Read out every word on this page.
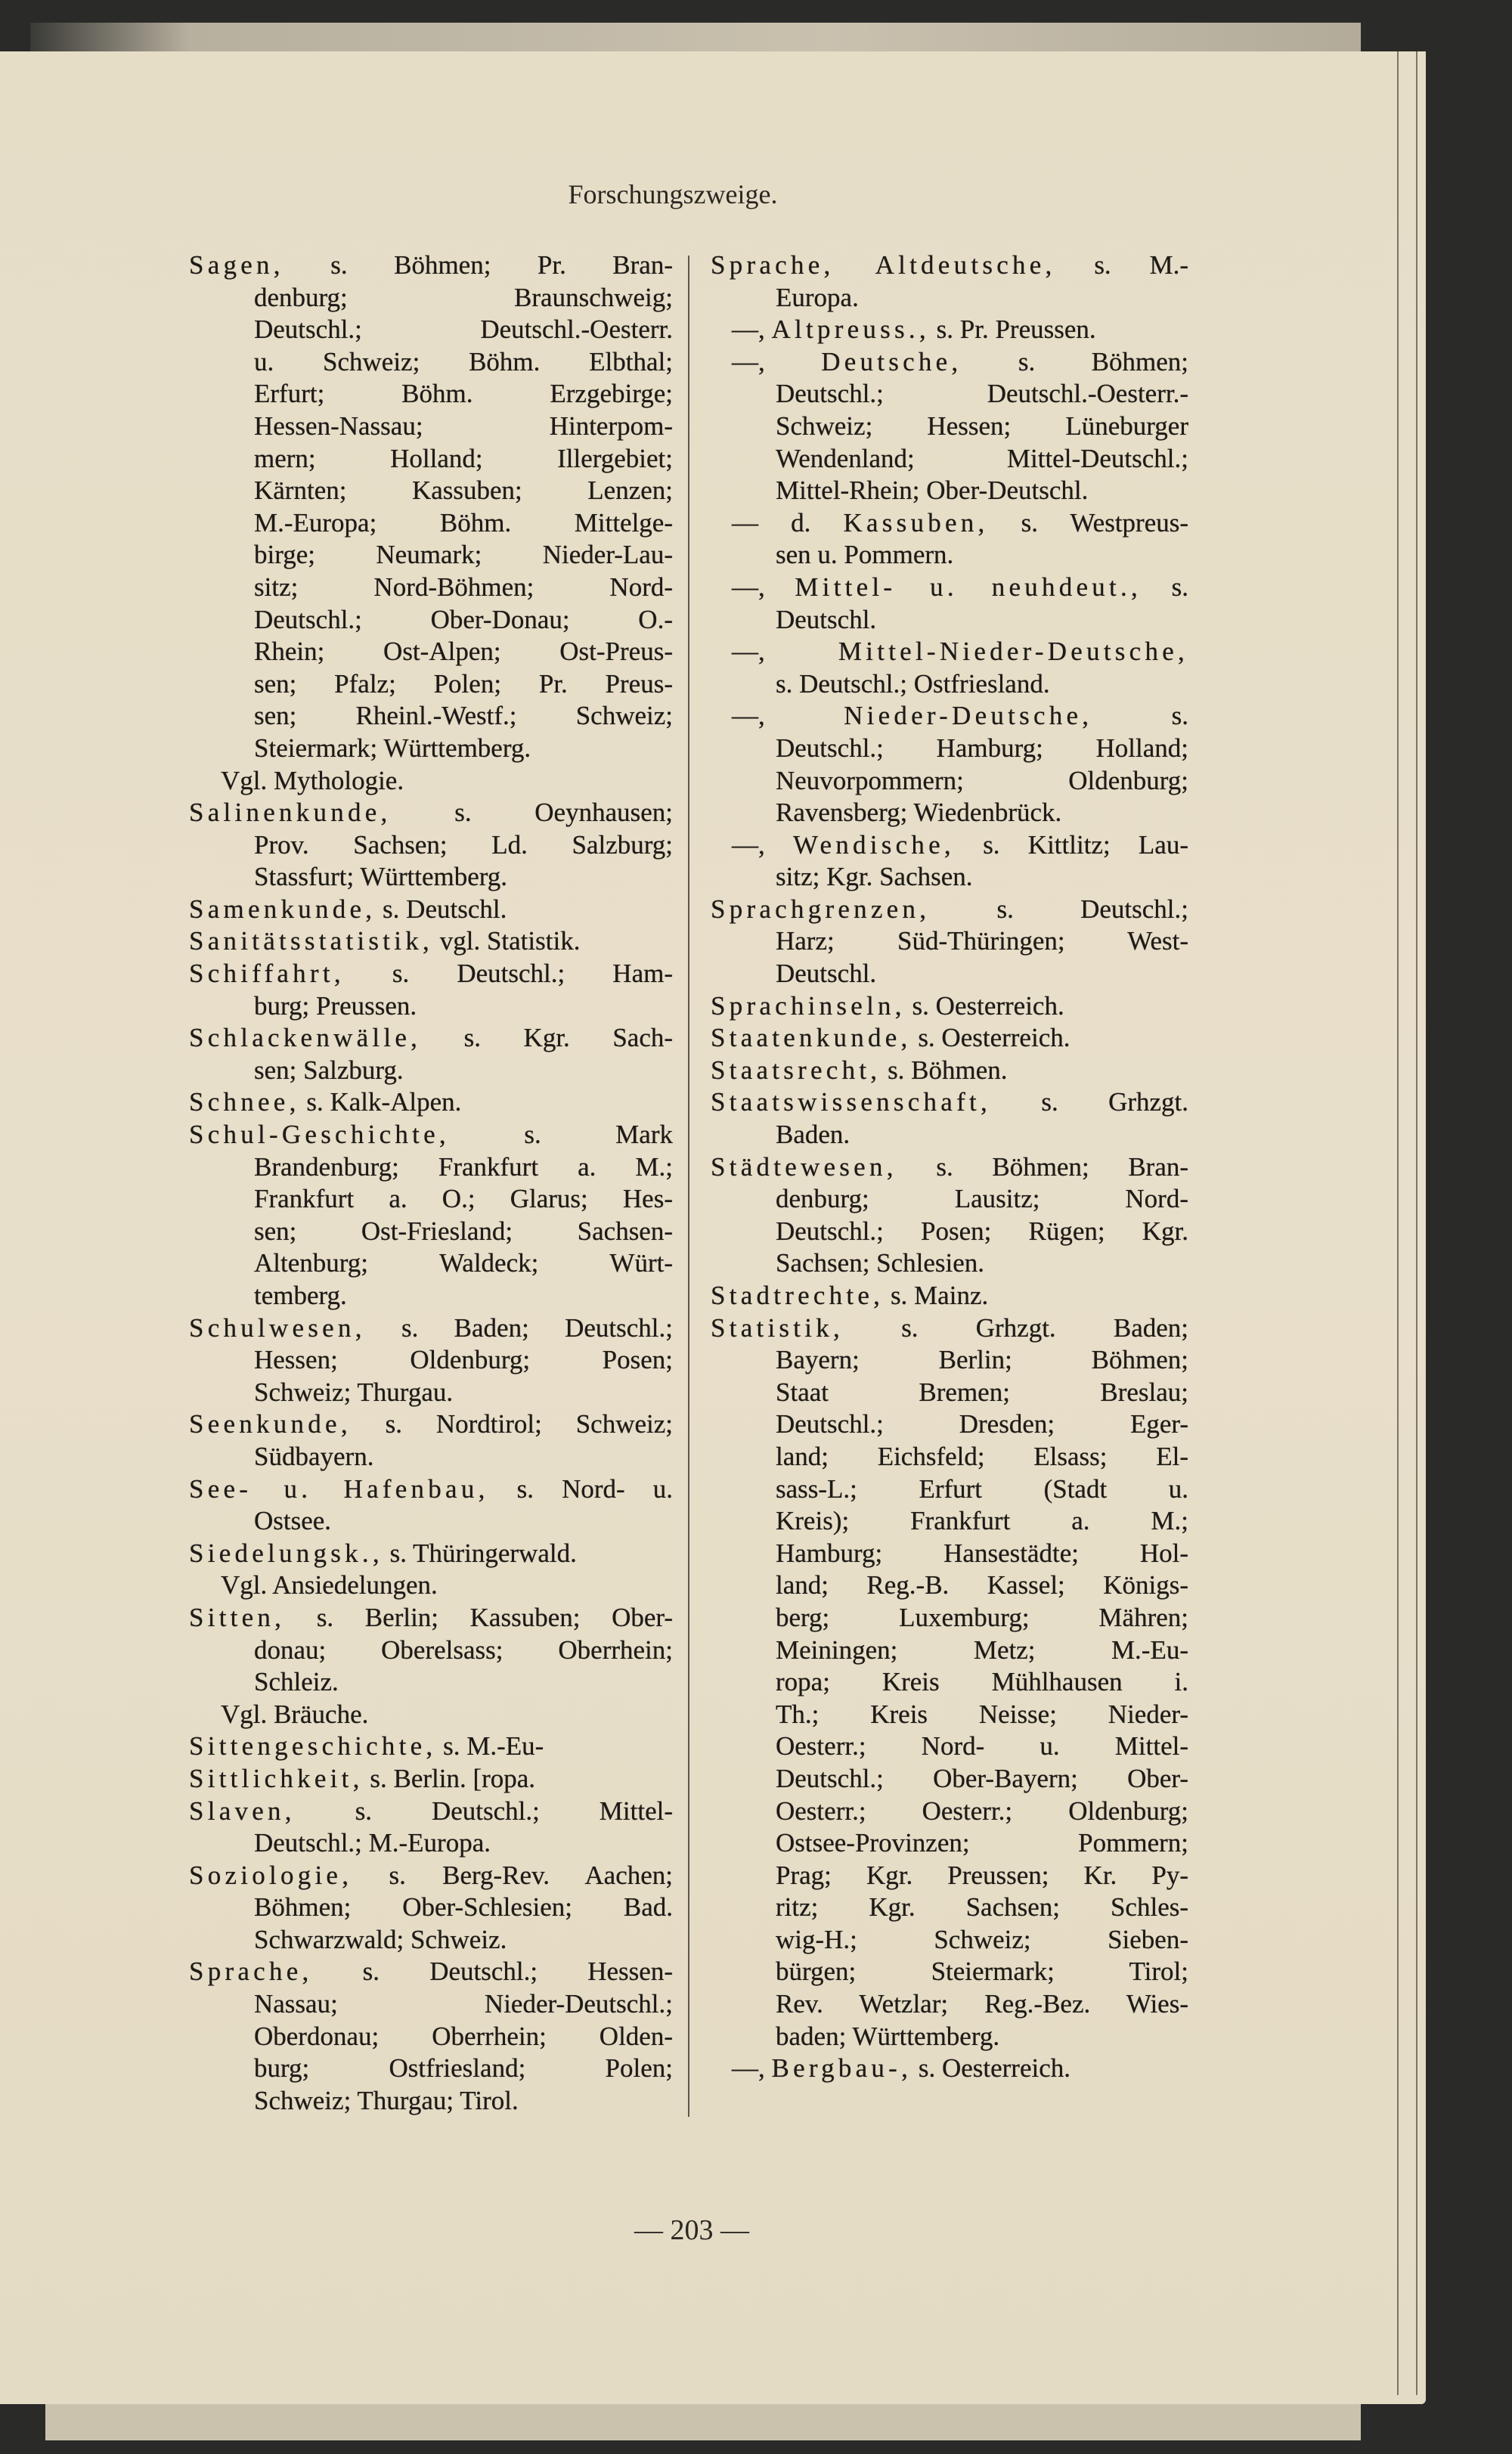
Forschungszweige.
Sagen, s. Böhmen; Pr. Bran-
denburg; Braunschweig;
Deutschl.; Deutschl.-Oesterr.
u. Schweiz; Böhm. Elbthal;
Erfurt; Böhm. Erzgebirge;
Hessen-Nassau; Hinterpom-
mern; Holland; Illergebiet;
Kärnten; Kassuben; Lenzen;
M.-Europa; Böhm. Mittelge-
birge; Neumark; Nieder-Lau-
sitz; Nord-Böhmen; Nord-
Deutschl.; Ober-Donau; O.-
Rhein; Ost-Alpen; Ost-Preus-
sen; Pfalz; Polen; Pr. Preus-
sen; Rheinl.-Westf.; Schweiz;
Steiermark; Württemberg.
Vgl. Mythologie.
Salinenkunde, s. Oeynhausen;
Prov. Sachsen; Ld. Salzburg;
Stassfurt; Württemberg.
Samenkunde, s. Deutschl.
Sanitätsstatistik, vgl. Statistik.
Schiffahrt, s. Deutschl.; Ham-
burg; Preussen.
Schlackenwälle, s. Kgr. Sach-
sen; Salzburg.
Schnee, s. Kalk-Alpen.
Schul-Geschichte,	s. Mark
Brandenburg; Frankfurt a. M.;
Frankfurt a. O.; Glarus; Hes-
sen; Ost-Friesland; Sachsen-
Altenburg; Waldeck; Würt-
temberg.
Schulwesen, s. Baden; Deutschl.;
Hessen; Oldenburg; Posen;
Schweiz; Thurgau.
Seenkunde, s. Nordtirol; Schweiz;
Südbayern.
See- u. Hafenbau, s. Nord- u.
Ostsee.
Siedelungsk., s. Thüringerwald.
Vgl. Ansiedelungen.
Sitten, s. Berlin; Kassuben; Ober-
donau; Oberelsass; Oberrhein;
Schleiz.
Vgl. Bräuche.
Sittengeschichte, s. M.-Eu-
Sittlichkeit, s. Berlin. [ropa.
Slaven, s. Deutschl.; Mittel-
Deutschl.; M.-Europa.
Soziologie, s. Berg-Rev. Aachen;
Böhmen; Ober-Schlesien; Bad.
Schwarzwald; Schweiz.
Sprache, s. Deutschl.; Hessen-
Nassau; Nieder-Deutschl.;
Oberdonau; Oberrhein; Olden-
burg; Ostfriesland; Polen;
Schweiz; Thurgau; Tirol.
Sprache, Altdeutsche, s. M.-
Europa.
—, Altpreuss., s. Pr. Preussen.
—, Deutsche, s. Böhmen;
Deutschl.; Deutschl.-Oesterr.-
Schweiz; Hessen; Lüneburger
Wendenland; Mittel-Deutschl.;
Mittel-Rhein; Ober-Deutschl.
— d. Kassuben, s. Westpreus-
sen u. Pommern.
—, Mittel- u. neuhdeut., s.
Deutschl.
—,	Mittel-Nieder-Deutsche,
s. Deutschl.; Ostfriesland.
—,	Nieder-Deutsche,	s.
Deutschl.; Hamburg; Holland;
Neuvorpommern; Oldenburg;
Ravensberg; Wiedenbrück.
—, Wendische, s. Kittlitz; Lau-
sitz; Kgr. Sachsen.
Sprachgrenzen,	s. Deutschl.;
Harz; Süd-Thüringen; West-
Deutschl.
Sprachinseln, s. Oesterreich.
Staatenkunde, s. Oesterreich.
Staatsrecht, s. Böhmen.
Staatswissenschaft, s. Grhzgt.
Baden.
Städtewesen, s. Böhmen; Bran-
denburg; Lausitz; Nord-
Deutschl.; Posen; Rügen; Kgr.
Sachsen; Schlesien.
Stadtrechte, s. Mainz.
Statistik, s. Grhzgt. Baden;
Bayern; Berlin; Böhmen;
Staat Bremen; Breslau;
Deutschl.; Dresden; Eger-
land; Eichsfeld; Elsass; El-
sass-L.; Erfurt (Stadt u.
Kreis); Frankfurt a. M.;
Hamburg; Hansestädte; Hol-
land; Reg.-B. Kassel; Königs-
berg; Luxemburg; Mähren;
Meiningen; Metz; M.-Eu-
ropa; Kreis Mühlhausen i.
Th.; Kreis Neisse; Nieder-
Oesterr.; Nord- u. Mittel-
Deutschl.; Ober-Bayern; Ober-
Oesterr.; Oesterr.; Oldenburg;
Ostsee-Provinzen; Pommern;
Prag; Kgr. Preussen; Kr. Py-
ritz; Kgr. Sachsen; Schles-
wig-H.; Schweiz; Sieben-
bürgen; Steiermark; Tirol;
Rev. Wetzlar; Reg.-Bez. Wies-
baden; Württemberg.
—, Bergbau-, s. Oesterreich.
— 203 —
